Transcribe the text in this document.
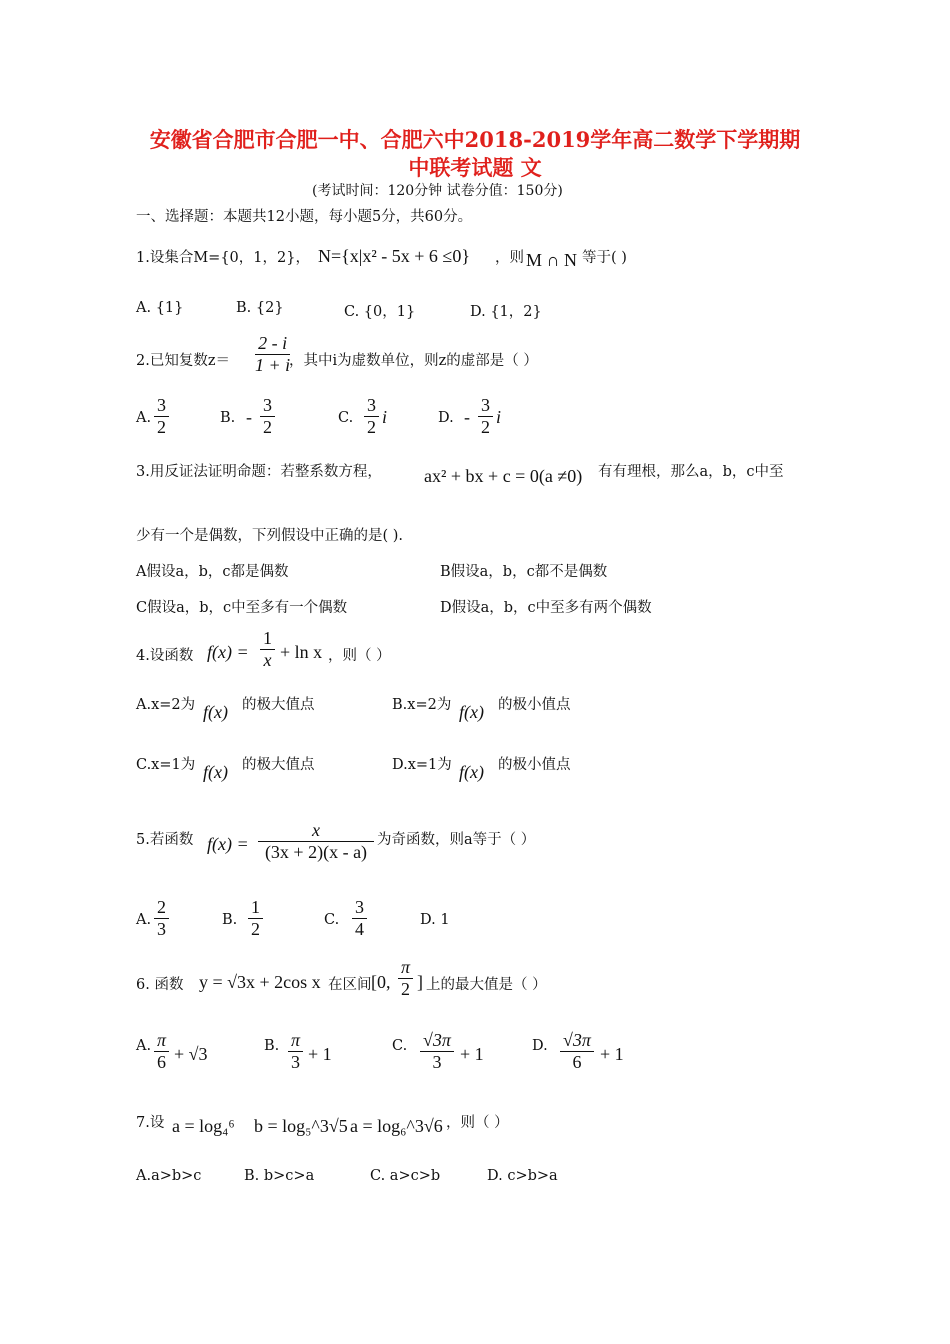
安徽省合肥市合肥一中、合肥六中2018-2019学年高二数学下学期期
中联考试题 文
(考试时间：120分钟 试卷分值：150分)
一、选择题：本题共12小题，每小题5分，共60分。
1.设集合M={0，1，2}， N={x|x² - 5x + 6 ≤0} ，则 M ∩ N 等于( )
A. {1}	B. {2}	C. {0，1}	D. {1，2}
2.已知复数$z= \frac{2 - i}{1 + i}$
，其中i为虚数单位，则z的虚部是（ ）
A. $\frac{3}{2}$	B. - $\frac{3}{2}$	C. $\frac{3}{2}$ i	D. - $\frac{3}{2}$ i
3.用反证法证明命题：若整系数方程， ax² + bx + c = 0(a ≠0) 有有理根，那么a，b，c中至
少有一个是偶数，下列假设中正确的是( ).
A假设a，b，c都是偶数	B假设a，b，c都不是偶数
C假设a，b，c中至多有一个偶数	D假设a，b，c中至多有两个偶数
4.设函数 $f(x) = \frac{1}{x} + \ln x$ ，则（ ）
A.x=2为 f(x) 的极大值点	B.x=2为 f(x) 的极小值点
C.x=1为 f(x) 的极大值点	D.x=1为 f(x) 的极小值点
5.若函数 $f(x) = \frac{x}{(3x + 2)(x - a)}$ 为奇函数，则a等于（ ）
A. $\frac{2}{3}$	B. $\frac{1}{2}$	C. $\frac{3}{4}$	D. 1
6. 函数 y = √3x + 2cos x 在区间 [0, $\frac{\pi}{2}$ ] 上的最大值是（ ）
A. $\frac{\pi}{6} + √3$	B. $\frac{\pi}{3} + 1$	C. $\frac{√3\pi}{3} + 1$	D. $\frac{√3\pi}{6} + 1$
7.设 a = log₄⁶ b = log₅^3√5 a = log₆^3√6 ，则（ ）
A.a>b>c	B. b>c>a	C. a>c>b	D. c>b>a
